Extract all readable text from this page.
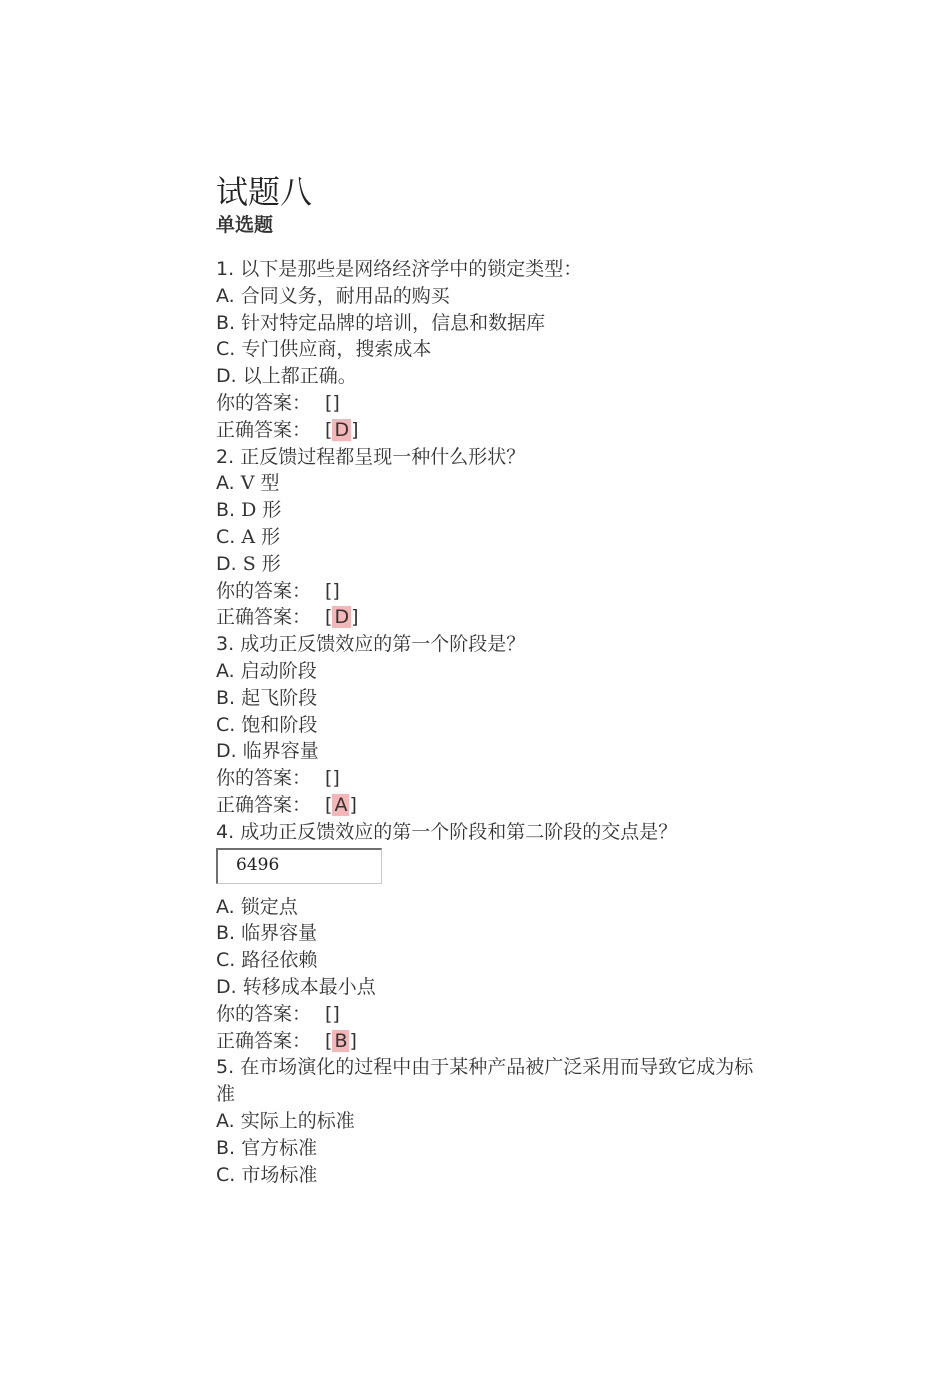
试题八
单选题
1. 以下是那些是网络经济学中的锁定类型：
A. 合同义务，耐用品的购买
B. 针对特定品牌的培训，信息和数据库
C. 专门供应商，搜索成本
D. 以上都正确。
你的答案： []
正确答案： [ D ]
2. 正反馈过程都呈现一种什么形状？
A. V 型
B. D 形
C. A 形
D. S 形
你的答案： []
正确答案： [ D ]
3. 成功正反馈效应的第一个阶段是？
A. 启动阶段
B. 起飞阶段
C. 饱和阶段
D. 临界容量
你的答案： []
正确答案： [ A ]
4. 成功正反馈效应的第一个阶段和第二阶段的交点是？
6496
A. 锁定点
B. 临界容量
C. 路径依赖
D. 转移成本最小点
你的答案： []
正确答案： [ B ]
5. 在市场演化的过程中由于某种产品被广泛采用而导致它成为标准
A. 实际上的标准
B. 官方标准
C. 市场标准
